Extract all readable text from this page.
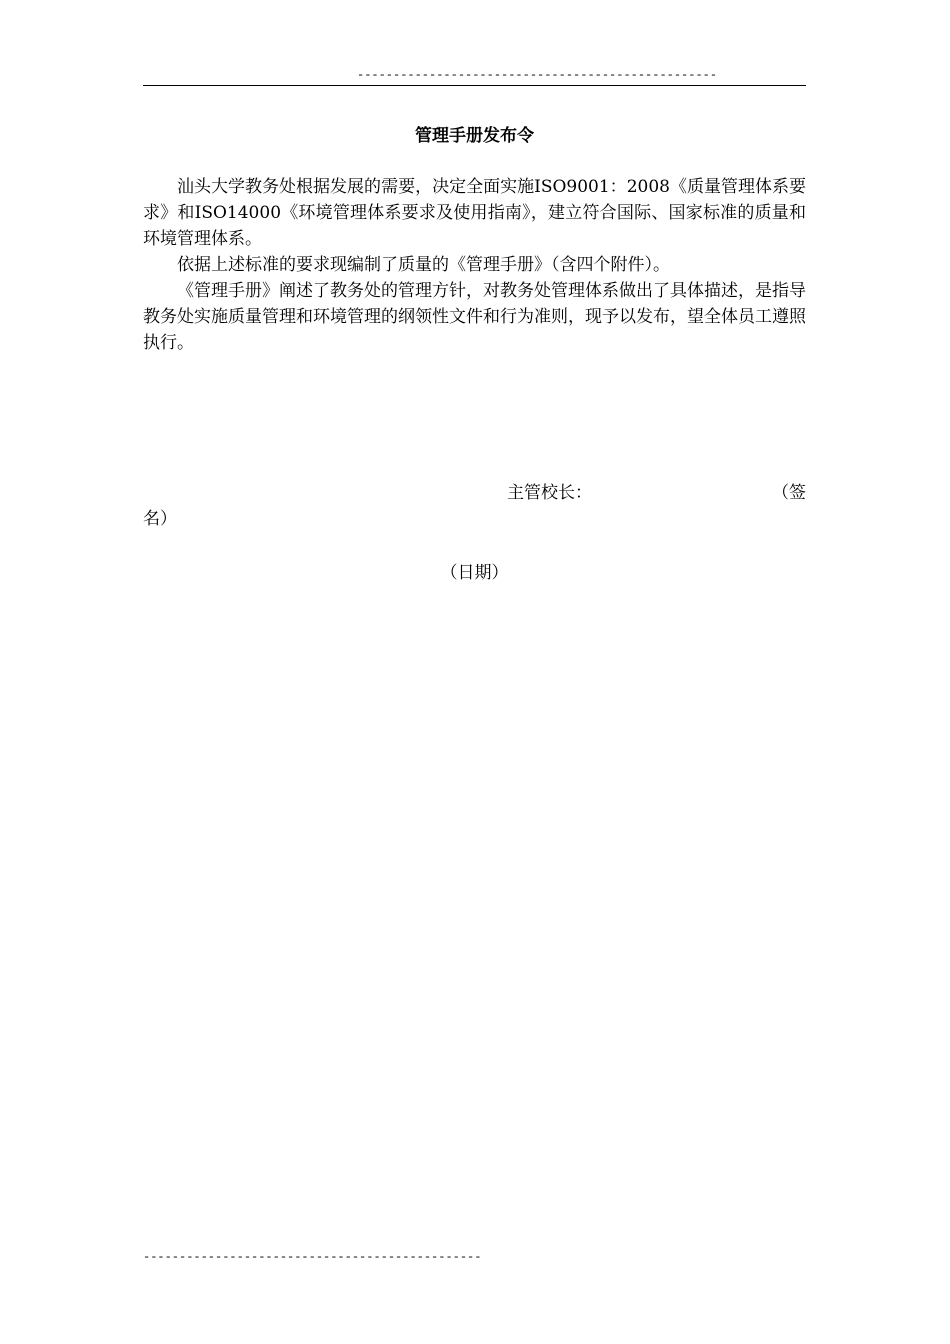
--------------------------------------------------
管理手册发布令

汕头大学教务处根据发展的需要，决定全面实施ISO9001：2008《质量管理体系要求》和ISO14000《环境管理体系要求及使用指南》，建立符合国际、国家标准的质量和环境管理体系。

依据上述标准的要求现编制了质量的《管理手册》（含四个附件）。

《管理手册》阐述了教务处的管理方针，对教务处管理体系做出了具体描述，是指导教务处实施质量管理和环境管理的纲领性文件和行为准则，现予以发布，望全体员工遵照执行。

主管校长：	（签
名）
（日期）
-----------------------------------------------
